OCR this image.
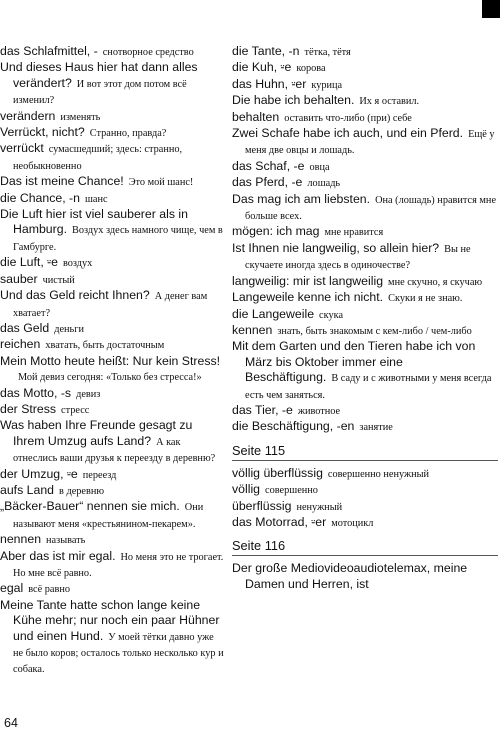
das Schlafmittel, - снотворное средство
Und dieses Haus hier hat dann alles verändert? И вот этот дом потом всё изменил?
verändern изменять
Verrückt, nicht? Странно, правда?
verrückt сумасшедший; здесь: странно, необыкновенно
Das ist meine Chance! Это мой шанс!
die Chance, -n шанс
Die Luft hier ist viel sauberer als in Hamburg. Воздух здесь намного чище, чем в Гамбурге.
die Luft, ⸚e воздух
sauber чистый
Und das Geld reicht Ihnen? А денег вам хватает?
das Geld деньги
reichen хватать, быть достаточным
Mein Motto heute heißt: Nur kein Stress!Мой девиз сегодня: «Только без стресса!»
das Motto, -s девиз
der Stress стресс
Was haben Ihre Freunde gesagt zu Ihrem Umzug aufs Land? А как отнеслись ваши друзья к переезду в деревню?
der Umzug, ⸚e переезд
aufs Land в деревню
„Bäcker-Bauer“ nennen sie mich. Они называют меня «крестьянином-пекарем».
nennen называть
Aber das ist mir egal. Но меня это не трогает. Но мне всё равно.
egal всё равно
Meine Tante hatte schon lange keine Kühe mehr; nur noch ein paar Hühner und einen Hund. У моей тётки давно уже не было коров; осталось только несколько кур и собака.
die Tante, -n тётка, тётя
die Kuh, ⸚e корова
das Huhn, ⸚er курица
Die habe ich behalten. Их я оставил.
behalten оставить что-либо (при) себе
Zwei Schafe habe ich auch, und ein Pferd. Ещё у меня две овцы и лошадь.
das Schaf, -e овца
das Pferd, -e лошадь
Das mag ich am liebsten. Она (лошадь) нравится мне больше всех.
mögen: ich mag мне нравится
Ist Ihnen nie langweilig, so allein hier? Вы не скучаете иногда здесь в одиночестве?
langweilig: mir ist langweilig мне скучно, я скучаю
Langeweile kenne ich nicht. Скуки я не знаю.
die Langeweile скука
kennen знать, быть знакомым с кем-либо / чем-либо
Mit dem Garten und den Tieren habe ich von März bis Oktober immer eine Beschäftigung. В саду и с животными у меня всегда есть чем заняться.
das Tier, -e животное
die Beschäftigung, -en занятие
Seite 115
völlig überflüssig совершенно ненужный
völlig совершенно
überflüssig ненужный
das Motorrad, ⸚er мотоцикл
Seite 116
Der große Mediovideoaudiotelemax, meine Damen und Herren, ist
64
